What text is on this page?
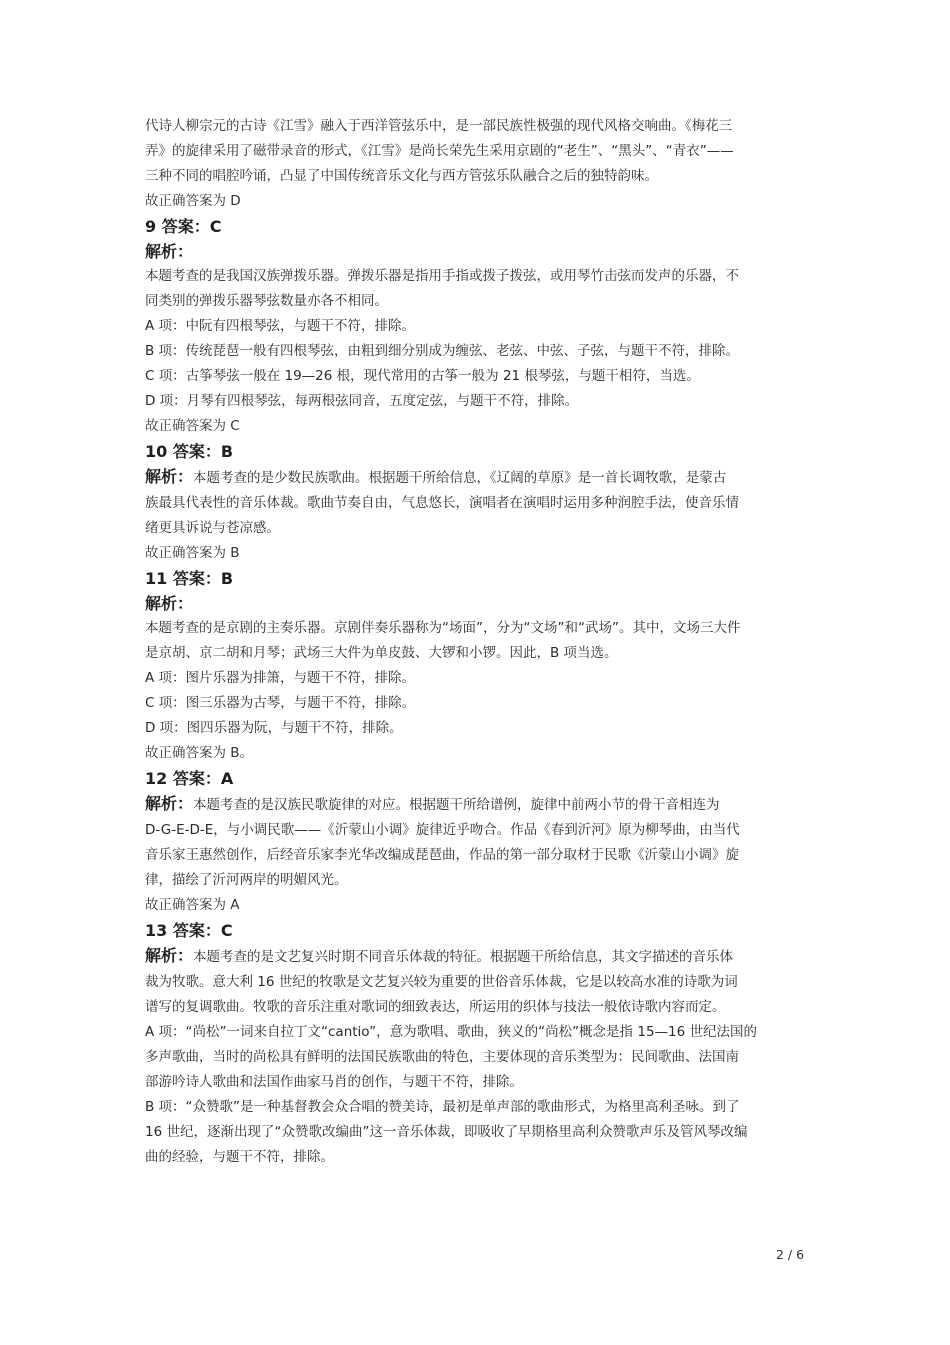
代诗人柳宗元的古诗《江雪》融入于西洋管弦乐中，是一部民族性极强的现代风格交响曲。《梅花三
弄》的旋律采用了磁带录音的形式，《江雪》是尚长荣先生采用京剧的“老生”、“黑头”、“青衣”——
三种不同的唱腔吟诵，凸显了中国传统音乐文化与西方管弦乐队融合之后的独特韵味。
故正确答案为 D
9 答案：C
解析：
本题考查的是我国汉族弹拨乐器。弹拨乐器是指用手指或拨子拨弦，或用琴竹击弦而发声的乐器，不
同类别的弹拨乐器琴弦数量亦各不相同。
A 项：中阮有四根琴弦，与题干不符，排除。
B 项：传统琵琶一般有四根琴弦，由粗到细分别成为缠弦、老弦、中弦、子弦，与题干不符，排除。
C 项：古筝琴弦一般在 19—26 根，现代常用的古筝一般为 21 根琴弦，与题干相符，当选。
D 项：月琴有四根琴弦，每两根弦同音，五度定弦，与题干不符，排除。
故正确答案为 C
10 答案：B
解析：本题考查的是少数民族歌曲。根据题干所给信息，《辽阔的草原》是一首长调牧歌，是蒙古
族最具代表性的音乐体裁。歌曲节奏自由，气息悠长，演唱者在演唱时运用多种润腔手法，使音乐情
绪更具诉说与苍凉感。
故正确答案为 B
11 答案：B
解析：
本题考查的是京剧的主奏乐器。京剧伴奏乐器称为“场面”，分为“文场”和“武场”。其中，文场三大件
是京胡、京二胡和月琴；武场三大件为单皮鼓、大锣和小锣。因此，B 项当选。
A 项：图片乐器为排箫，与题干不符，排除。
C 项：图三乐器为古琴，与题干不符，排除。
D 项：图四乐器为阮，与题干不符，排除。
故正确答案为 B。
12 答案：A
解析：本题考查的是汉族民歌旋律的对应。根据题干所给谱例，旋律中前两小节的骨干音相连为
D-G-E-D-E，与小调民歌——《沂蒙山小调》旋律近乎吻合。作品《春到沂河》原为柳琴曲，由当代
音乐家王惠然创作，后经音乐家李光华改编成琵琶曲，作品的第一部分取材于民歌《沂蒙山小调》旋
律，描绘了沂河两岸的明媚风光。
故正确答案为 A
13 答案：C
解析：本题考查的是文艺复兴时期不同音乐体裁的特征。根据题干所给信息，其文字描述的音乐体
裁为牧歌。意大利 16 世纪的牧歌是文艺复兴较为重要的世俗音乐体裁，它是以较高水准的诗歌为词
谱写的复调歌曲。牧歌的音乐注重对歌词的细致表达，所运用的织体与技法一般依诗歌内容而定。
A 项：“尚松”一词来自拉丁文“cantio”，意为歌唱、歌曲，狭义的“尚松”概念是指 15—16 世纪法国的
多声歌曲，当时的尚松具有鲜明的法国民族歌曲的特色，主要体现的音乐类型为：民间歌曲、法国南
部游吟诗人歌曲和法国作曲家马肖的创作，与题干不符，排除。
B 项：“众赞歌”是一种基督教会众合唱的赞美诗，最初是单声部的歌曲形式，为格里高利圣咏。到了
16 世纪，逐渐出现了“众赞歌改编曲”这一音乐体裁，即吸收了早期格里高利众赞歌声乐及管风琴改编
曲的经验，与题干不符，排除。
2 / 6
